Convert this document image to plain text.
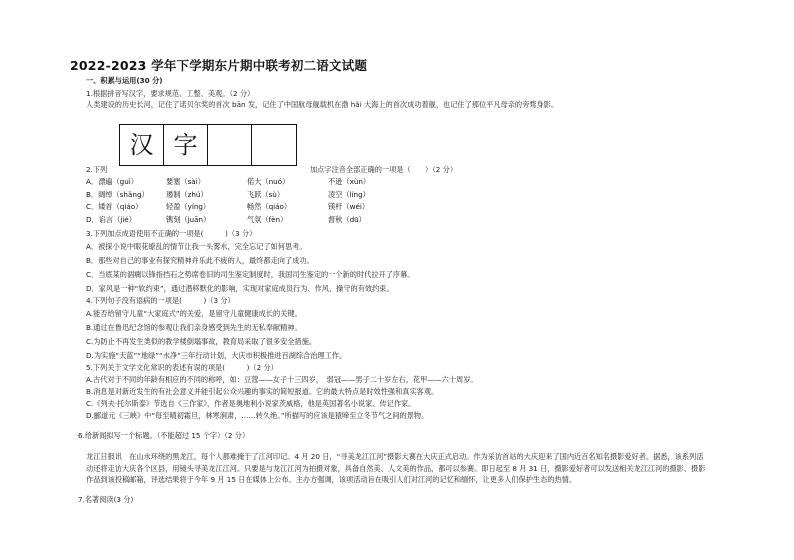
2022-2023 学年下学期东片期中联考初二语文试题
一、积累与运用(30 分)
1.根据拼音写汉字，要求规范、工整、美观。（2 分）
人类建设的历史长河，记住了诺贝尔奖的首次 bān 发，记住了中国航母舰载机在渤 hǎi 大海上的首次成功着舰，也记住了那位平凡母亲的旁骛身影。
汉 字
2.下列	加点字注音全部正确的一项是（　　）（2 分）
A．漂遍（guì）	要塞（sài）	偌大（nuó）	不逊（xùn）
B．阔绰（shǎng）	遏制（zhú）	飞跃（sù）	凌空（líng）
C．矮首（qiáo）	轻盈（yíng）	畅然（qiáo）	镁杆（wéi）
D．谄言（jié）	镌刻（juān）	气氛（fèn）	督秋（dū）
3.下列加点成语使用不正确的一项是(　　　)（3 分）
A．被探小说中眼花缭乱的情节让我一头雾水，完全忘记了如何思考。
B．那些对自己的事业有探究精神并乐此不疲的人，最终都走向了成功。
C．当底某的涸瘸以锋指挡石之势席卷旧的司生鉴定制度时，我国司生鉴定的一个新的时代拉开了序幕。
D．家风是一种“软约束”，通过潜移默化的影响，实现对家庭成员行为、作风、操守的有效约束。
4.下列句子没有语病的一项是(　　　)（3 分）
A.能否给留守儿童“大家庭式”的关爱，是留守儿童健康成长的关键。
B.通过在鲁迅纪念馆的参观让我们亲身感受到先生的无私奉献精神。
C.为防止不再发生类似的教学楼倒塌事故，教育局采取了很多安全措施。
D.为实施“天蓝”“地绿”“水净”三年行动计划，大庆市积极推进百湖综合治理工作。
5.下列关于文学文化常识的表述有误的项是(　　　)（2 分）
A.古代对于不同的年龄有相应的不同的称呼，如：豆蔻——女子十三四岁，　弱冠——男子二十岁左右，花甲——六十周岁。
B.消息是对新近发生的有社会意义并能引起公众兴趣的事实的简短报道。它的最大特点是时效性强和真实客观。
C.《列夫·托尔斯泰》节选自《三作家》，作者是奥地利小说家茨威格，他是英国著名小说家、传记作家。
D.郦道元《三峡》中“每至晴初霜旦，林寒涧肃，……转久绝。”所描写的应该是猿啼至立冬节气之间的景物。
6.给新闻拟写一个标题。（不能超过 15 个字）（2 分）
龙江日报讯　在山水环绕的黑龙江，每个人都难掩于了江河印记。4 月 20 日，“寻美龙江江河”摄影大赛在大庆正式启动。作为采访首站的大庆迎来了国内近百名知名摄影爱好者。据悉，该系列活动还将走访大庆各个区县，用镜头寻美龙江江河。只要是与龙江江河为拍摄对象，具备自然美、人文美的作品，都可以参赛。即日起至 8 月 31 日，摄影爱好者可以发送相关龙江江河的摄影、摄影作品到该投稿邮箱，评选结果将于今年 9 月 15 日在媒体上公布。主办方强调，该项活动旨在吸引人们对江河的记忆和缅怀，让更多人们保护生态的热情。
7.名著阅读(3 分)
